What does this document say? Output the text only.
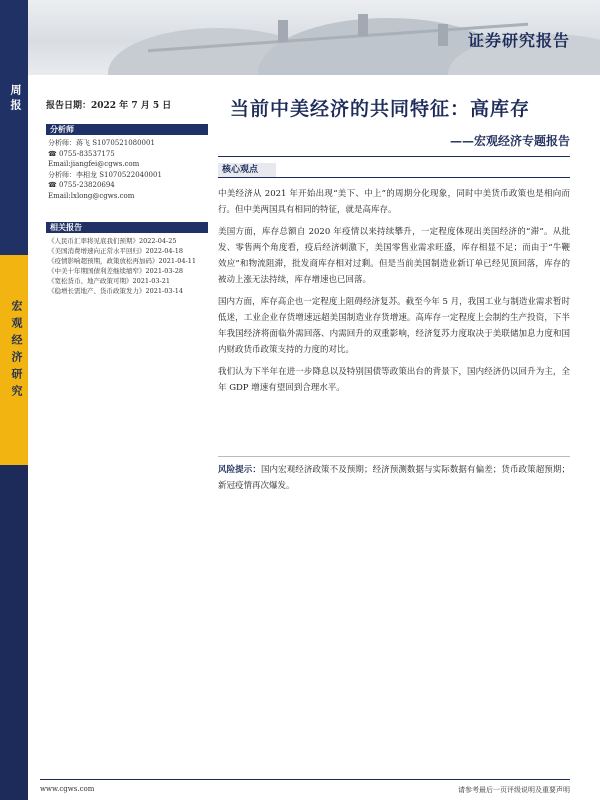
周报
宏观经济研究
证券研究报告
报告日期：2022 年 7 月 5 日
分析师
分析师：蒋飞 S1070521080001
☎ 0755-83537175
Email:jiangfei@cgws.com
分析师：李相龙 S1070522040001
☎ 0755-23820694
Email:lxlong@cgws.com
相关报告
《人民币汇率将见底我们预期》2022-04-25
《美国消费增速向正常水平回归》2022-04-18
《疫情影响超预期，政策放松再加码》2021-04-11
《中美十年期国债利差继续缩窄》2021-03-28
《宽松货币、地产政策可期》2021-03-21
《稳增长需地产、货币政策发力》2021-03-14
当前中美经济的共同特征：高库存
——宏观经济专题报告
核心观点

中美经济从 2021 年开始出现“美下、中上”的周期分化现象，同时中美货币政策也是相向而行。但中美两国具有相同的特征，就是高库存。

美国方面，库存总额自 2020 年疫情以来持续攀升，一定程度体现出美国经济的“滞”。从批发、零售两个角度看，疫后经济刺激下，美国零售业需求旺盛，库存相显不足；而由于“牛鞭效应”和物流阻滞，批发商库存相对过剩。但是当前美国制造业新订单已经见顶回落，库存的被动上涨无法持续，库存增速也已回落。

国内方面，库存高企也一定程度上阻碍经济复苏。截至今年 5 月，我国工业与制造业需求暂时低迷，工业企业存货增速远超美国制造业存货增速。高库存一定程度上会制约生产投资，下半年我国经济将面临外需回落、内需回升的双重影响，经济复苏力度取决于美联储加息力度和国内财政货币政策支持的力度的对比。

我们认为下半年在进一步降息以及特别国债等政策出台的背景下，国内经济仍以回升为主，全年 GDP 增速有望回到合理水平。

风险提示：国内宏观经济政策不及预期；经济预测数据与实际数据有偏差；货币政策超预期；新冠疫情再次爆发。
www.cgws.com	请参考最后一页评级说明及重要声明
